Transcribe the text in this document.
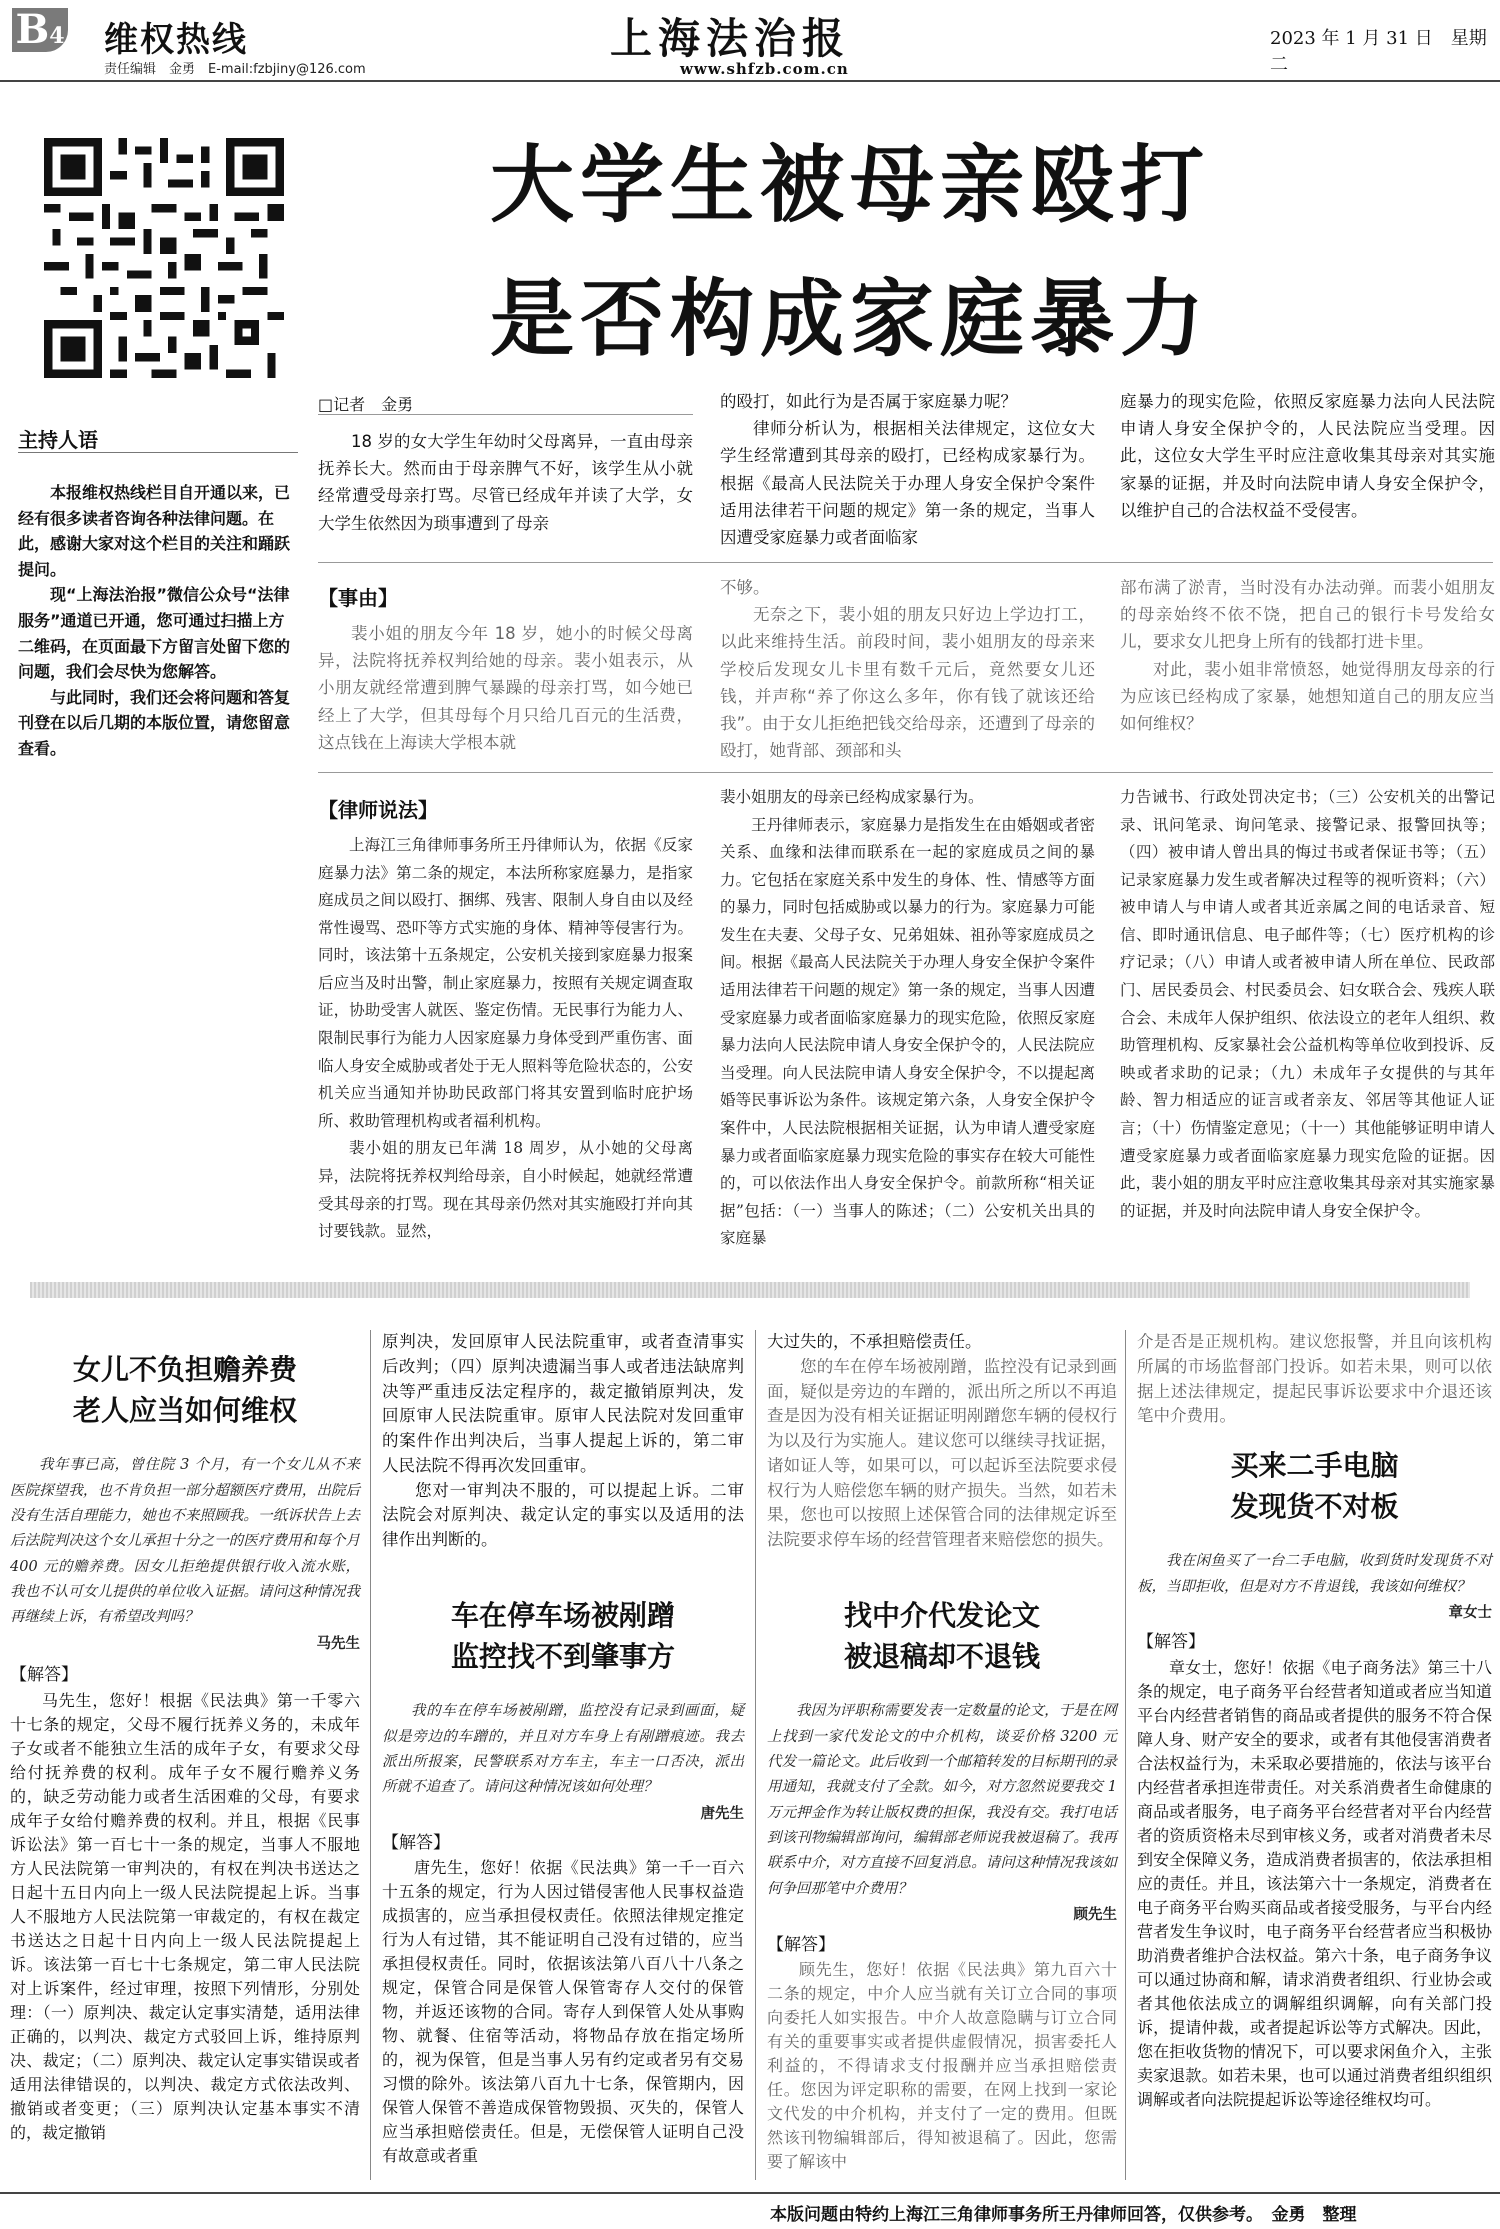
B4 维权热线
责任编辑　金勇　E-mail:fzbjiny@126.com
上海法治报
www.shfzb.com.cn
2023 年 1 月 31 日　星期二
大学生被母亲殴打
是否构成家庭暴力
主持人语

本报维权热线栏目自开通以来，已经有很多读者咨询各种法律问题。在此，感谢大家对这个栏目的关注和踊跃提问。

现“上海法治报”微信公众号“法律服务”通道已开通，您可通过扫描上方二维码，在页面最下方留言处留下您的问题，我们会尽快为您解答。

与此同时，我们还会将问题和答复刊登在以后几期的本版位置，请您留意查看。

□记者　金勇

18 岁的女大学生年幼时父母离异，一直由母亲抚养长大。然而由于母亲脾气不好，该学生从小就经常遭受母亲打骂。尽管已经成年并读了大学，女大学生依然因为琐事遭到了母亲

的殴打，如此行为是否属于家庭暴力呢？

律师分析认为，根据相关法律规定，这位女大学生经常遭到其母亲的殴打，已经构成家暴行为。根据《最高人民法院关于办理人身安全保护令案件适用法律若干问题的规定》第一条的规定，当事人因遭受家庭暴力或者面临家

庭暴力的现实危险，依照反家庭暴力法向人民法院申请人身安全保护令的，人民法院应当受理。因此，这位女大学生平时应注意收集其母亲对其实施家暴的证据，并及时向法院申请人身安全保护令，以维护自己的合法权益不受侵害。

【事由】

裴小姐的朋友今年 18 岁，她小的时候父母离异，法院将抚养权判给她的母亲。裴小姐表示，从小朋友就经常遭到脾气暴躁的母亲打骂，如今她已经上了大学，但其母每个月只给几百元的生活费，这点钱在上海读大学根本就

不够。

无奈之下，裴小姐的朋友只好边上学边打工，以此来维持生活。前段时间，裴小姐朋友的母亲来学校后发现女儿卡里有数千元后，竟然要女儿还钱，并声称“养了你这么多年，你有钱了就该还给我”。由于女儿拒绝把钱交给母亲，还遭到了母亲的殴打，她背部、颈部和头

部布满了淤青，当时没有办法动弹。而裴小姐朋友的母亲始终不依不饶，把自己的银行卡号发给女儿，要求女儿把身上所有的钱都打进卡里。

对此，裴小姐非常愤怒，她觉得朋友母亲的行为应该已经构成了家暴，她想知道自己的朋友应当如何维权？

【律师说法】

上海江三角律师事务所王丹律师认为，依据《反家庭暴力法》第二条的规定，本法所称家庭暴力，是指家庭成员之间以殴打、捆绑、残害、限制人身自由以及经常性谩骂、恐吓等方式实施的身体、精神等侵害行为。同时，该法第十五条规定，公安机关接到家庭暴力报案后应当及时出警，制止家庭暴力，按照有关规定调查取证，协助受害人就医、鉴定伤情。无民事行为能力人、限制民事行为能力人因家庭暴力身体受到严重伤害、面临人身安全威胁或者处于无人照料等危险状态的，公安机关应当通知并协助民政部门将其安置到临时庇护场所、救助管理机构或者福利机构。

裴小姐的朋友已年满 18 周岁，从小她的父母离异，法院将抚养权判给母亲，自小时候起，她就经常遭受其母亲的打骂。现在其母亲仍然对其实施殴打并向其讨要钱款。显然，

裴小姐朋友的母亲已经构成家暴行为。

王丹律师表示，家庭暴力是指发生在由婚姻或者密关系、血缘和法律而联系在一起的家庭成员之间的暴力。它包括在家庭关系中发生的身体、性、情感等方面的暴力，同时包括威胁或以暴力的行为。家庭暴力可能发生在夫妻、父母子女、兄弟姐妹、祖孙等家庭成员之间。根据《最高人民法院关于办理人身安全保护令案件适用法律若干问题的规定》第一条的规定，当事人因遭受家庭暴力或者面临家庭暴力的现实危险，依照反家庭暴力法向人民法院申请人身安全保护令的，人民法院应当受理。向人民法院申请人身安全保护令，不以提起离婚等民事诉讼为条件。该规定第六条，人身安全保护令案件中，人民法院根据相关证据，认为申请人遭受家庭暴力或者面临家庭暴力现实危险的事实存在较大可能性的，可以依法作出人身安全保护令。前款所称“相关证据”包括：（一）当事人的陈述；（二）公安机关出具的家庭暴

力告诫书、行政处罚决定书；（三）公安机关的出警记录、讯问笔录、询问笔录、接警记录、报警回执等；（四）被申请人曾出具的悔过书或者保证书等；（五）记录家庭暴力发生或者解决过程等的视听资料；（六）被申请人与申请人或者其近亲属之间的电话录音、短信、即时通讯信息、电子邮件等；（七）医疗机构的诊疗记录；（八）申请人或者被申请人所在单位、民政部门、居民委员会、村民委员会、妇女联合会、残疾人联合会、未成年人保护组织、依法设立的老年人组织、救助管理机构、反家暴社会公益机构等单位收到投诉、反映或者求助的记录；（九）未成年子女提供的与其年龄、智力相适应的证言或者亲友、邻居等其他证人证言；（十）伤情鉴定意见；（十一）其他能够证明申请人遭受家庭暴力或者面临家庭暴力现实危险的证据。因此，裴小姐的朋友平时应注意收集其母亲对其实施家暴的证据，并及时向法院申请人身安全保护令。

女儿不负担赡养费
老人应当如何维权
我年事已高，曾住院 3 个月，有一个女儿从不来医院探望我，也不肯负担一部分超额医疗费用，出院后没有生活自理能力，她也不来照顾我。一纸诉状告上去后法院判决这个女儿承担十分之一的医疗费用和每个月 400 元的赡养费。因女儿拒绝提供银行收入流水账，我也不认可女儿提供的单位收入证据。请问这种情况我再继续上诉，有希望改判吗？
马先生
【解答】
马先生，您好！根据《民法典》第一千零六十七条的规定，父母不履行抚养义务的，未成年子女或者不能独立生活的成年子女，有要求父母给付抚养费的权利。成年子女不履行赡养义务的，缺乏劳动能力或者生活困难的父母，有要求成年子女给付赡养费的权利。并且，根据《民事诉讼法》第一百七十一条的规定，当事人不服地方人民法院第一审判决的，有权在判决书送达之日起十五日内向上一级人民法院提起上诉。当事人不服地方人民法院第一审裁定的，有权在裁定书送达之日起十日内向上一级人民法院提起上诉。该法第一百七十七条规定，第二审人民法院对上诉案件，经过审理，按照下列情形，分别处理：（一）原判决、裁定认定事实清楚，适用法律正确的，以判决、裁定方式驳回上诉，维持原判决、裁定；（二）原判决、裁定认定事实错误或者适用法律错误的，以判决、裁定方式依法改判、撤销或者变更；（三）原判决认定基本事实不清的，裁定撤销
原判决，发回原审人民法院重审，或者查清事实后改判；（四）原判决遗漏当事人或者违法缺席判决等严重违反法定程序的，裁定撤销原判决，发回原审人民法院重审。原审人民法院对发回重审的案件作出判决后，当事人提起上诉的，第二审人民法院不得再次发回重审。
您对一审判决不服的，可以提起上诉。二审法院会对原判决、裁定认定的事实以及适用的法律作出判断的。
车在停车场被剐蹭
监控找不到肇事方
我的车在停车场被剐蹭，监控没有记录到画面，疑似是旁边的车蹭的，并且对方车身上有剐蹭痕迹。我去派出所报案，民警联系对方车主，车主一口否决，派出所就不追查了。请问这种情况该如何处理？
唐先生
【解答】
唐先生，您好！依据《民法典》第一千一百六十五条的规定，行为人因过错侵害他人民事权益造成损害的，应当承担侵权责任。依照法律规定推定行为人有过错，其不能证明自己没有过错的，应当承担侵权责任。同时，依据该法第八百八十八条之规定，保管合同是保管人保管寄存人交付的保管物，并返还该物的合同。寄存人到保管人处从事购物、就餐、住宿等活动，将物品存放在指定场所的，视为保管，但是当事人另有约定或者另有交易习惯的除外。该法第八百九十七条，保管期内，因保管人保管不善造成保管物毁损、灭失的，保管人应当承担赔偿责任。但是，无偿保管人证明自己没有故意或者重
大过失的，不承担赔偿责任。
您的车在停车场被剐蹭，监控没有记录到画面，疑似是旁边的车蹭的，派出所之所以不再追查是因为没有相关证据证明剐蹭您车辆的侵权行为以及行为实施人。建议您可以继续寻找证据，诸如证人等，如果可以，可以起诉至法院要求侵权行为人赔偿您车辆的财产损失。当然，如若未果，您也可以按照上述保管合同的法律规定诉至法院要求停车场的经营管理者来赔偿您的损失。
找中介代发论文
被退稿却不退钱
我因为评职称需要发表一定数量的论文，于是在网上找到一家代发论文的中介机构，谈妥价格 3200 元代发一篇论文。此后收到一个邮箱转发的目标期刊的录用通知，我就支付了全款。如今，对方忽然说要我交 1 万元押金作为转让版权费的担保，我没有交。我打电话到该刊物编辑部询问，编辑部老师说我被退稿了。我再联系中介，对方直接不回复消息。请问这种情况我该如何争回那笔中介费用？
顾先生
【解答】
顾先生，您好！依据《民法典》第九百六十二条的规定，中介人应当就有关订立合同的事项向委托人如实报告。中介人故意隐瞒与订立合同有关的重要事实或者提供虚假情况，损害委托人利益的，不得请求支付报酬并应当承担赔偿责任。您因为评定职称的需要，在网上找到一家论文代发的中介机构，并支付了一定的费用。但既然该刊物编辑部后，得知被退稿了。因此，您需要了解该中
介是否是正规机构。建议您报警，并且向该机构所属的市场监督部门投诉。如若未果，则可以依据上述法律规定，提起民事诉讼要求中介退还该笔中介费用。
买来二手电脑
发现货不对板
我在闲鱼买了一台二手电脑，收到货时发现货不对板，当即拒收，但是对方不肯退钱，我该如何维权？
章女士
【解答】
章女士，您好！依据《电子商务法》第三十八条的规定，电子商务平台经营者知道或者应当知道平台内经营者销售的商品或者提供的服务不符合保障人身、财产安全的要求，或者有其他侵害消费者合法权益行为，未采取必要措施的，依法与该平台内经营者承担连带责任。对关系消费者生命健康的商品或者服务，电子商务平台经营者对平台内经营者的资质资格未尽到审核义务，或者对消费者未尽到安全保障义务，造成消费者损害的，依法承担相应的责任。并且，该法第六十一条规定，消费者在电子商务平台购买商品或者接受服务，与平台内经营者发生争议时，电子商务平台经营者应当积极协助消费者维护合法权益。第六十条，电子商务争议可以通过协商和解，请求消费者组织、行业协会或者其他依法成立的调解组织调解，向有关部门投诉，提请仲裁，或者提起诉讼等方式解决。因此，您在拒收货物的情况下，可以要求闲鱼介入，主张卖家退款。如若未果，也可以通过消费者组织组织调解或者向法院提起诉讼等途径维权均可。
本版问题由特约上海江三角律师事务所王丹律师回答，仅供参考。　金勇　整理
